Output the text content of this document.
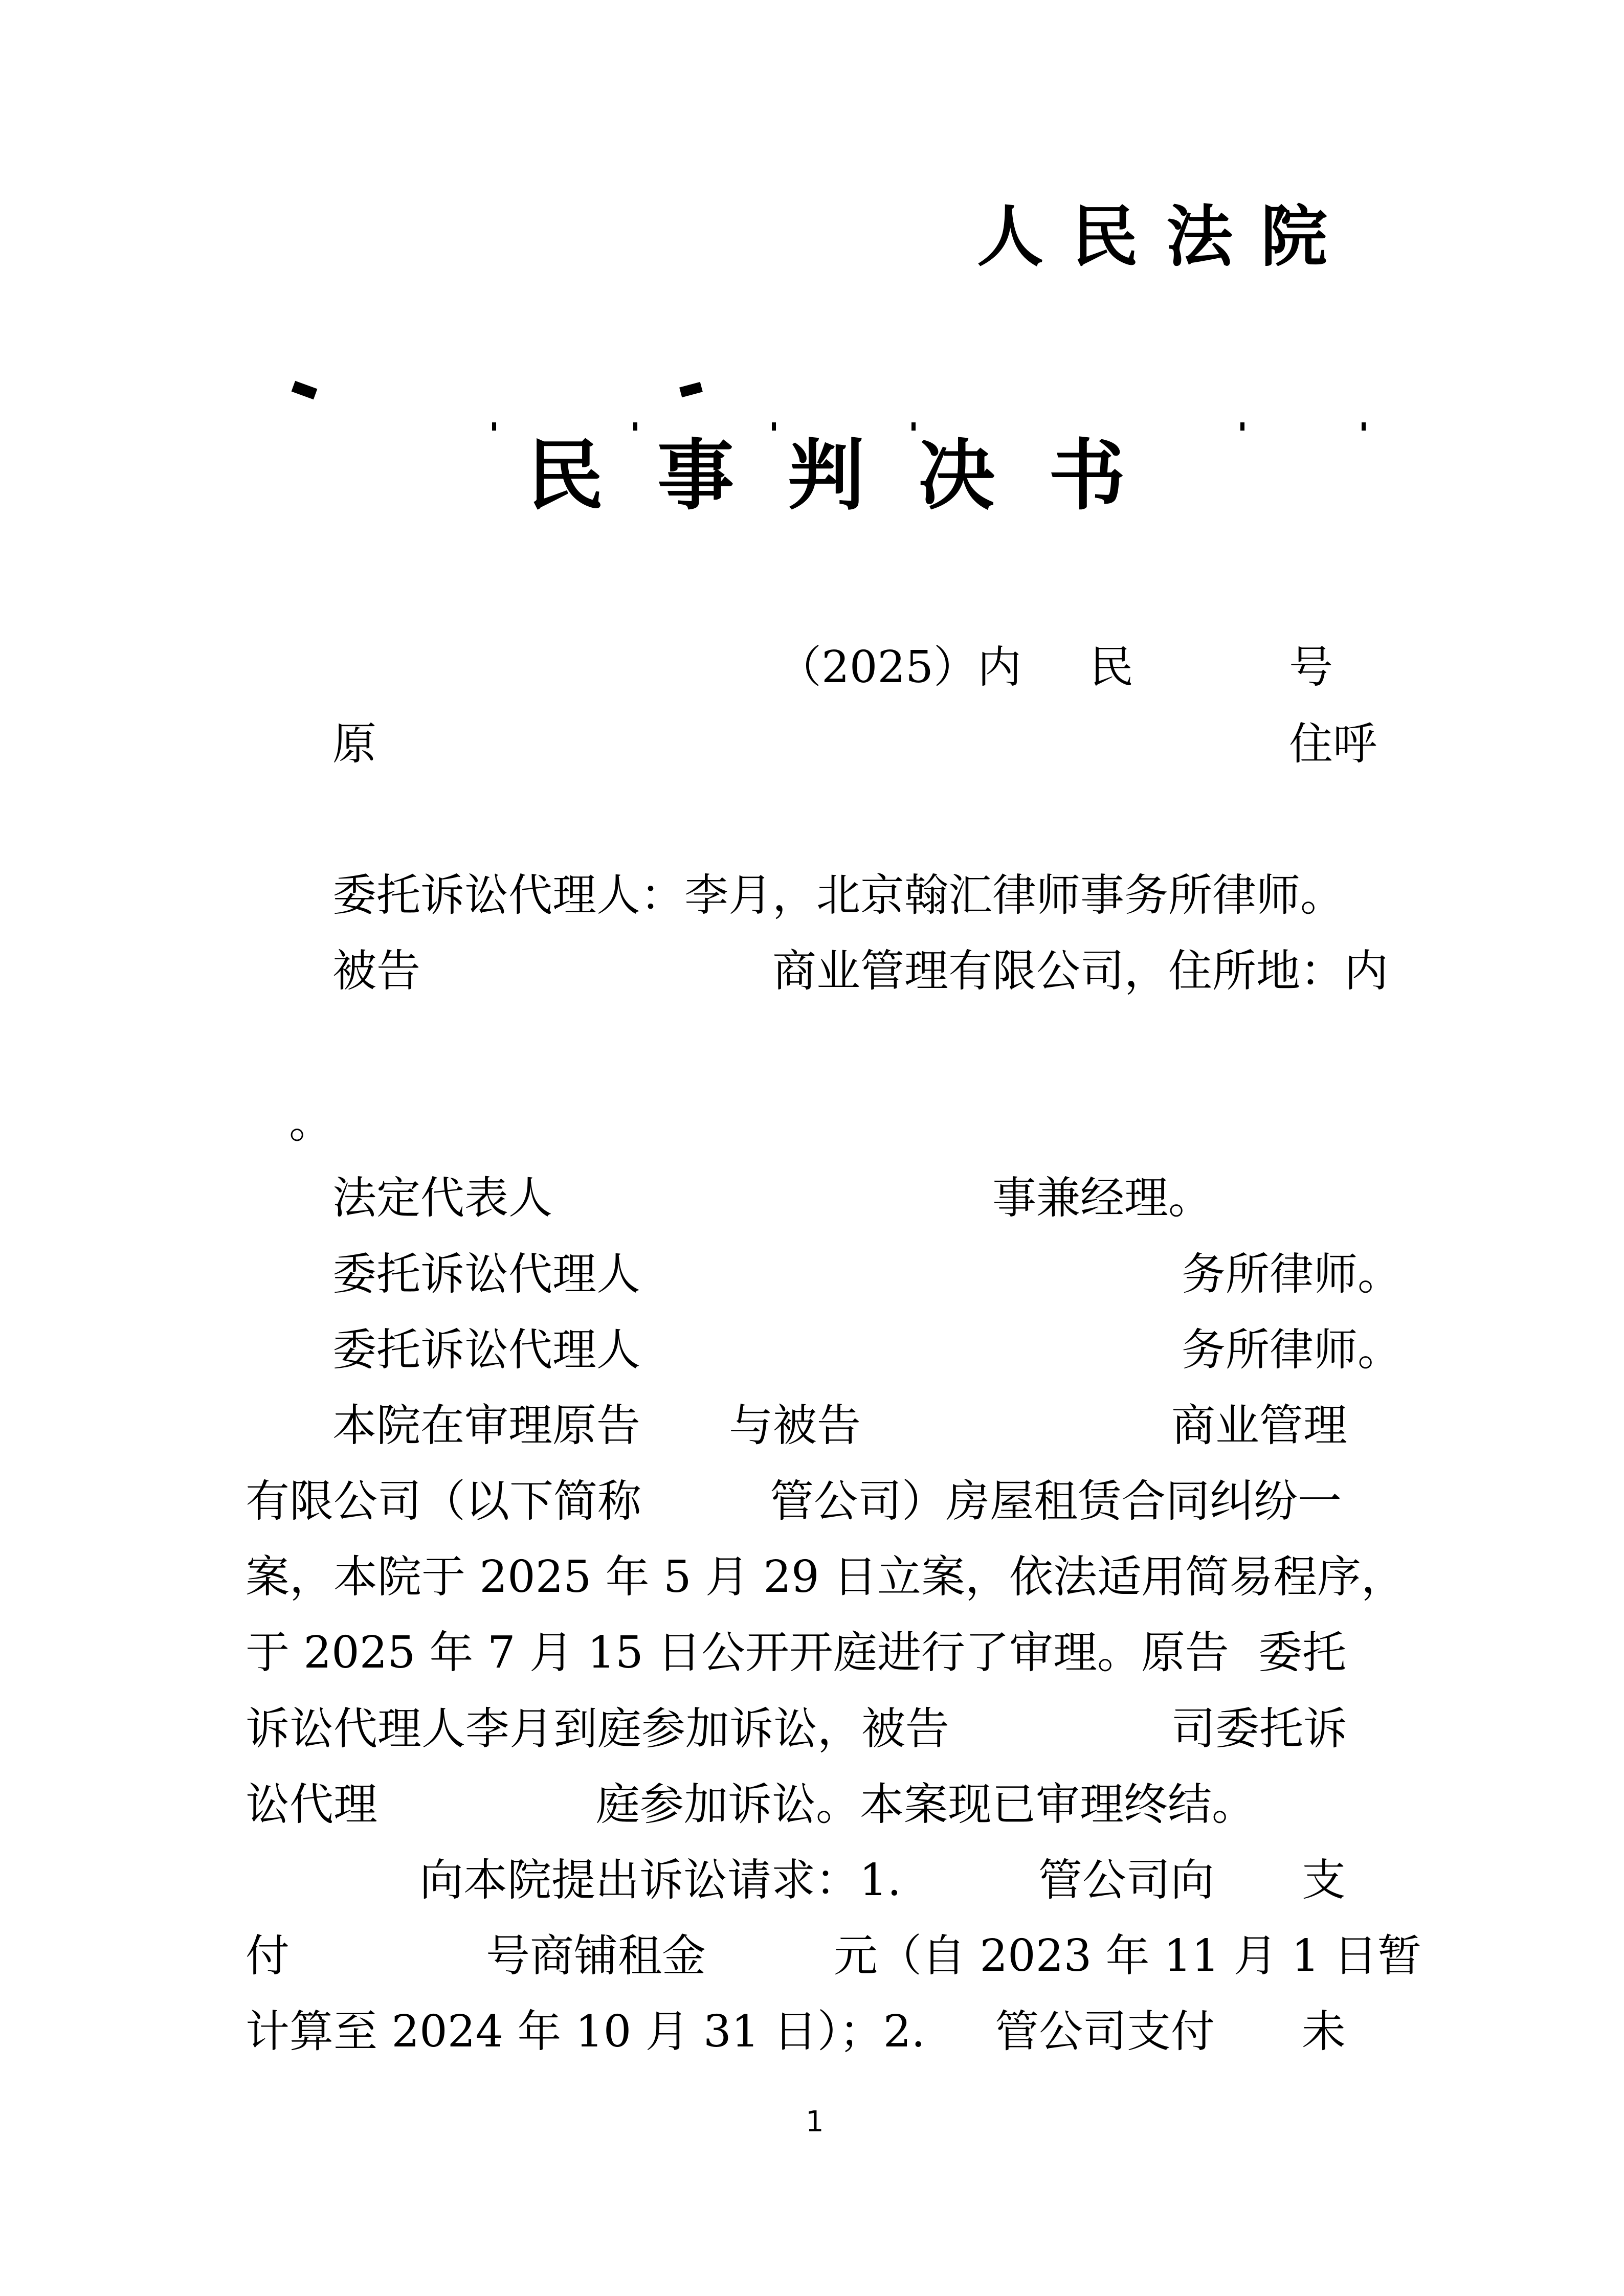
人民法院
民事判决书
（2025）内 民	号
原	住呼
委托诉讼代理人：李月，北京翰汇律师事务所律师。
被告	商业管理有限公司，住所地：内
。
法定代表人	事兼经理。
委托诉讼代理人	务所律师。
委托诉讼代理人	务所律师。
本院在审理原告 与被告	商业管理
有限公司（以下简称	管公司）房屋租赁合同纠纷一
案，本院于 2025 年 5 月 29 日立案，依法适用简易程序，
于 2025 年 7 月 15 日公开开庭进行了审理。原告 委托
诉讼代理人李月到庭参加诉讼，被告	司委托诉
讼代理	庭参加诉讼。本案现已审理终结。
向本院提出诉讼请求：1.	管公司向 支
付	号商铺租金	元（自 2023 年 11 月 1 日暂
计算至 2024 年 10 月 31 日）；2. 管公司支付 未
1
